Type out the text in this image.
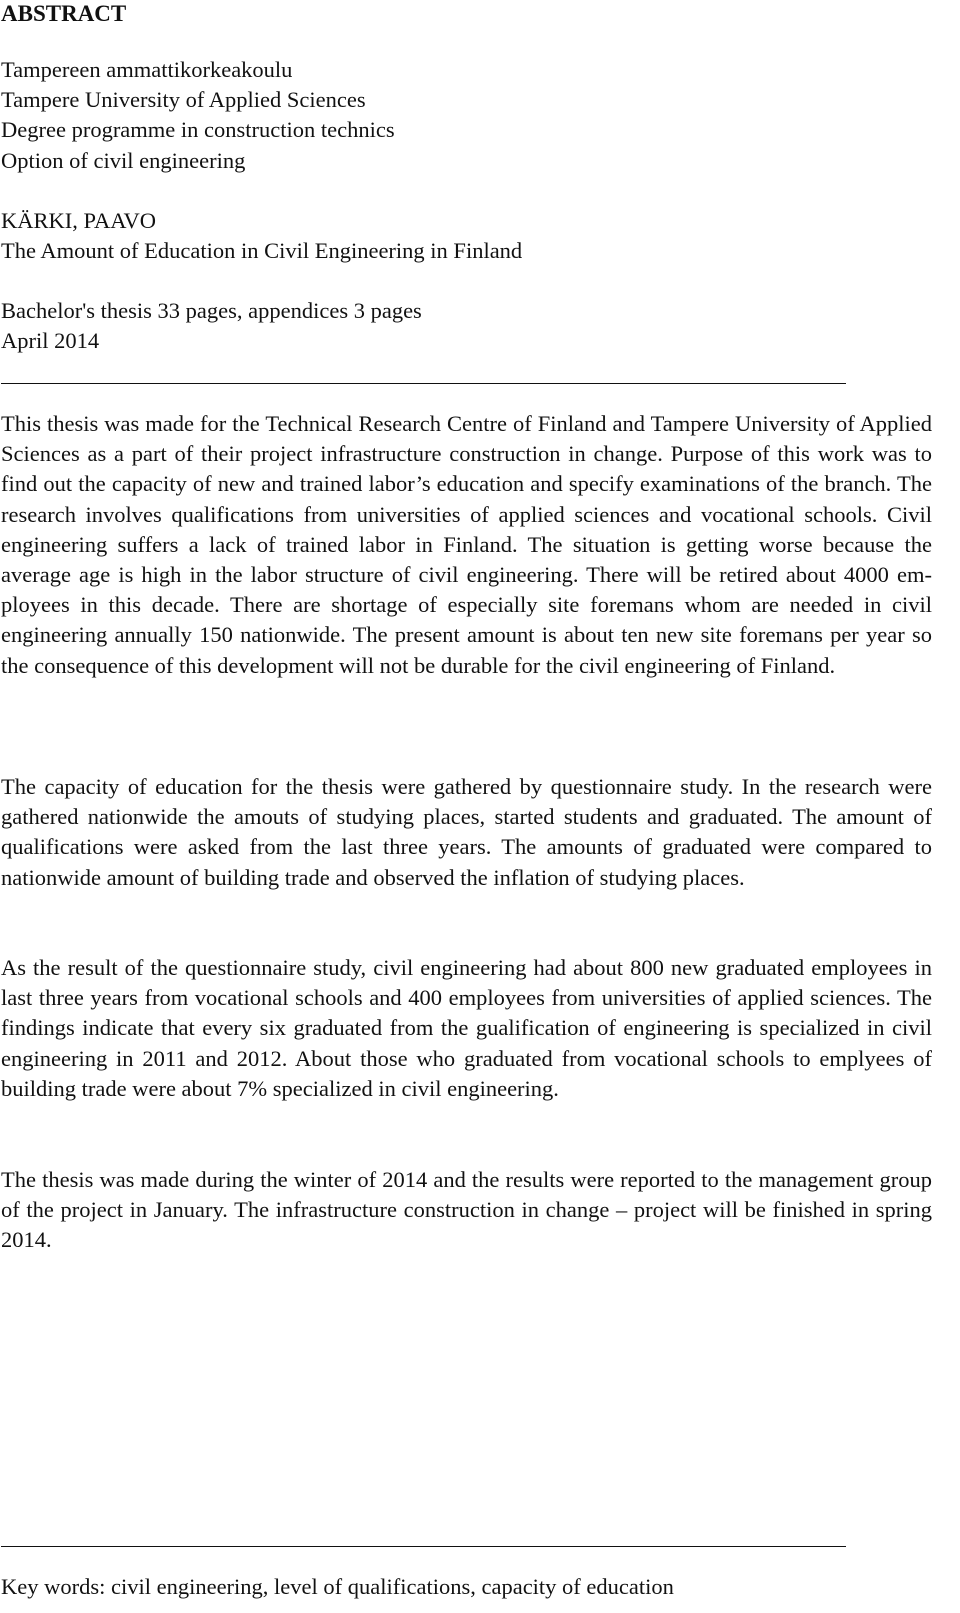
ABSTRACT
Tampereen ammattikorkeakoulu
Tampere University of Applied Sciences
Degree programme in construction technics
Option of civil engineering
KÄRKI, PAAVO
The Amount of Education in Civil Engineering in Finland
Bachelor's thesis 33 pages, appendices 3 pages
April 2014

This thesis was made for the Technical Research Centre of Finland and Tampere University of Applied Sciences as a part of their project infrastructure construction in change. Purpose of this work was to find out the capacity of new and trained labor’s education and specify examinations of the branch. The research involves qualifications from universities of applied sciences and vocational schools. Civil engineering suffers a lack of trained labor in Finland. The situation is getting worse because the average age is high in the labor structure of civil engineering. There will be retired about 4000 employees in this decade. There are shortage of especially site foremans whom are needed in civil engineering annually 150 nationwide. The present amount is about ten new site foremans per year so the consequence of this development will not be durable for the civil engineering of Finland.

The capacity of education for the thesis were gathered by questionnaire study. In the research were gathered nationwide the amouts of studying places, started students and graduated. The amount of qualifications were asked from the last three years. The amounts of graduated were compared to nationwide amount of building trade and observed the inflation of studying places.

As the result of the questionnaire study, civil engineering had about 800 new graduated employees in last three years from vocational schools and 400 employees from universities of applied sciences. The findings indicate that every six graduated from the gualification of engineering is specialized in civil engineering in 2011 and 2012. About those who graduated from vocational schools to emplyees of building trade were about 7% specialized in civil engineering.

The thesis was made during the winter of 2014 and the results were reported to the management group of the project in January. The infrastructure construction in change – project will be finished in spring 2014.

Key words: civil engineering, level of qualifications, capacity of education
